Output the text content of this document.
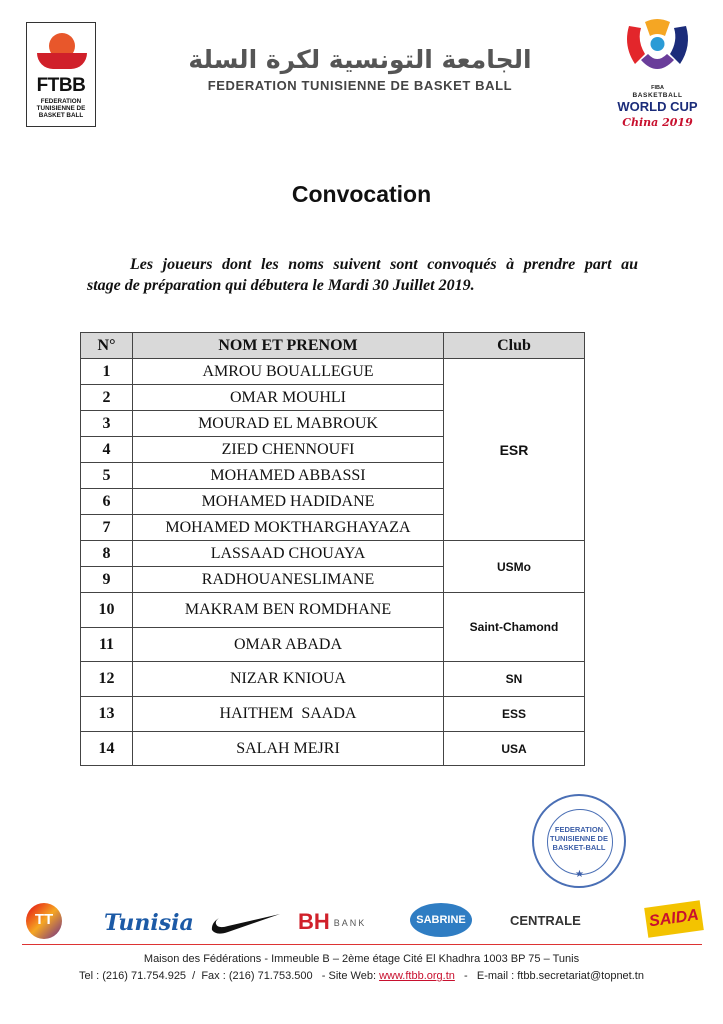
FTBB
FEDERATION TUNISIENNE DE BASKET BALL
الجامعة التونسية لكرة السلة
FEDERATION TUNISIENNE DE BASKET BALL	FIBA
BASKETBALL
WORLD CUP
China 2019
Convocation
Les joueurs dont les noms suivent sont convoqués à prendre part au
stage de préparation qui débutera le Mardi 30 Juillet 2019.
N°	NOM ET PRENOM	Club
1	AMROU BOUALLEGUE	ESR
2	OMAR MOUHLI	
3	MOURAD EL MABROUK	
4	ZIED CHENNOUFI	
5	MOHAMED ABBASSI	
6	MOHAMED HADIDANE	
7	MOHAMED MOKTHARGHAYAZA	
8	LASSAAD CHOUAYA	USMo
9	RADHOUANESLIMANE	
10	MAKRAM BEN ROMDHANE	Saint-Chamond
11	OMAR ABADA	
12	NIZAR KNIOUA	SN
13	HAITHEM  SAADA	ESS
14	SALAH MEJRI	USA
FEDERATION
TUNISIENNE DE
BASKET-BALL
★
TT	Tunisia	BH BANK	SABRINE	CENTRALE	SAIDA
Maison des Fédérations - Immeuble B – 2ème étage Cité El Khadhra 1003 BP 75 – Tunis
Tel : (216) 71.754.925  /  Fax : (216) 71.753.500   - Site Web: www.ftbb.org.tn   -   E-mail : ftbb.secretariat@topnet.tn
